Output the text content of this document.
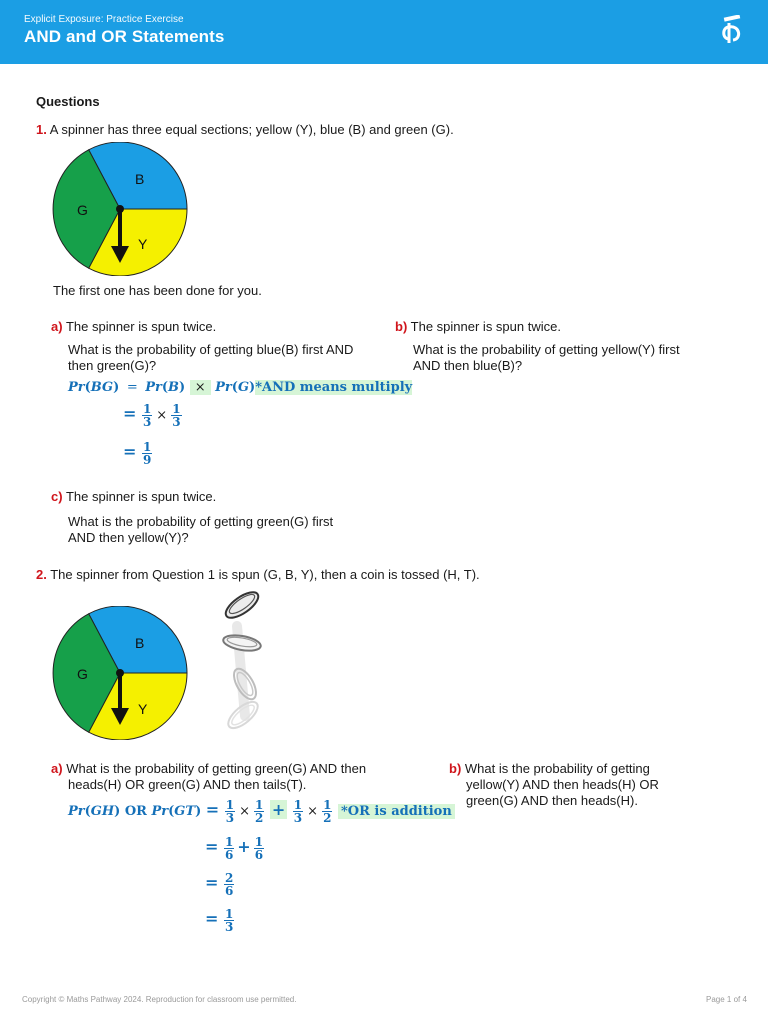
Explicit Exposure: Practice Exercise
AND and OR Statements
Questions
1. A spinner has three equal sections; yellow (Y), blue (B) and green (G).
B
G
Y
The first one has been done for you.
a) The spinner is spun twice.
What is the probability of getting blue(B) first AND
then green(G)?
Pr(BG) = Pr(B) × Pr(G)*AND means multiply
= $\frac{1}{3} \times \frac{1}{3}$
= $\frac{1}{9}$
b) The spinner is spun twice.
What is the probability of getting yellow(Y) first
AND then blue(B)?
c) The spinner is spun twice.
What is the probability of getting green(G) first
AND then yellow(Y)?
2. The spinner from Question 1 is spun (G, B, Y), then a coin is tossed (H, T).
B
G
Y
a) What is the probability of getting green(G) AND then
heads(H) OR green(G) AND then tails(T).
Pr(GH) OR $Pr(GT) = \frac{1}{3} \times \frac{1}{2} + \frac{1}{3} \times \frac{1}{2} *OR$ is addition
= $\frac{1}{6} + \frac{1}{6}$
= $\frac{2}{6}$
= $\frac{1}{3}$
b) What is the probability of getting
yellow(Y) AND then heads(H) OR
green(G) AND then heads(H).
Copyright © Maths Pathway 2024. Reproduction for classroom use permitted.	Page 1 of 4
